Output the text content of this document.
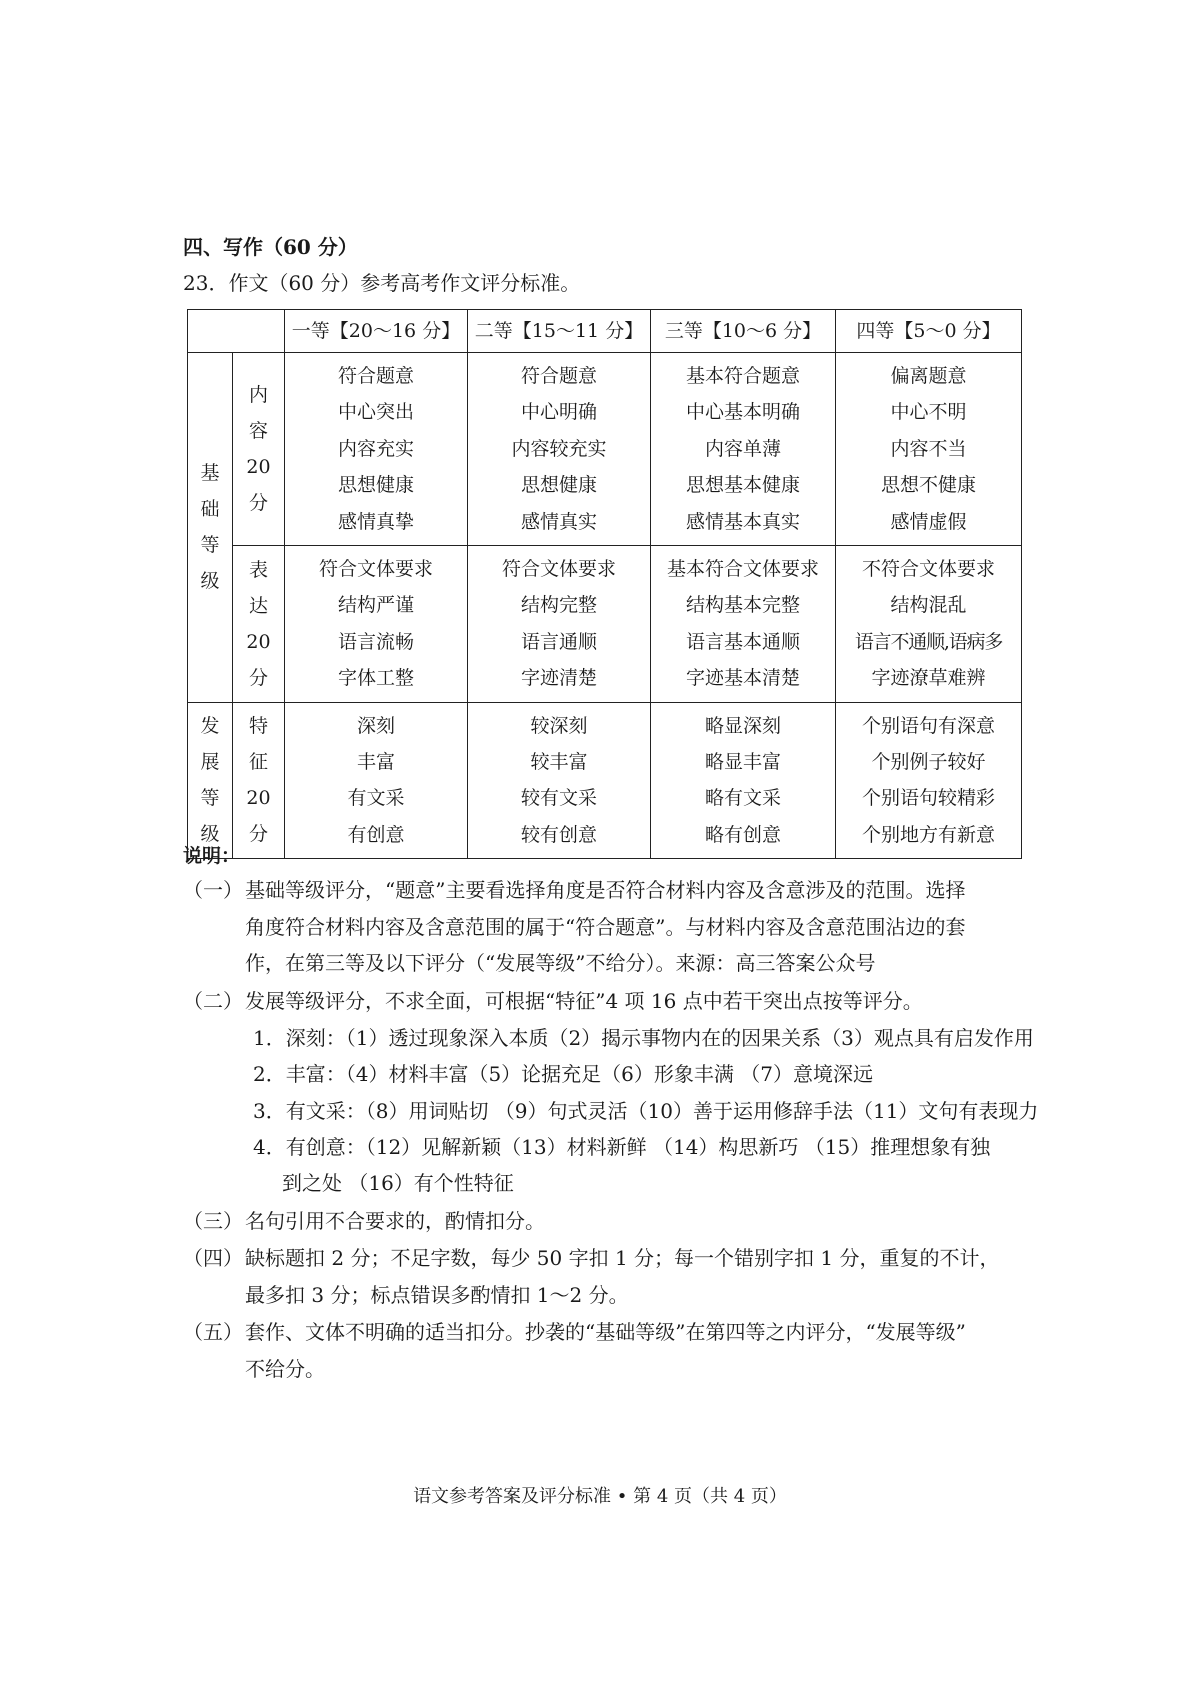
四、写作（60 分）
23．作文（60 分）参考高考作文评分标准。
		一等【20～16 分】	二等【15～11 分】	三等【10～6 分】	四等【5～0 分】

基
础
等
级	内
容
20
分	符合题意
中心突出
内容充实
思想健康
感情真挚	符合题意
中心明确
内容较充实
思想健康
感情真实	基本符合题意
中心基本明确
内容单薄
思想基本健康
感情基本真实	偏离题意
中心不明
内容不当
思想不健康
感情虚假

	表
达
20
分	符合文体要求
结构严谨
语言流畅
字体工整	符合文体要求
结构完整
语言通顺
字迹清楚	基本符合文体要求
结构基本完整
语言基本通顺
字迹基本清楚	不符合文体要求
结构混乱
语言不通顺,语病多
字迹潦草难辨

发
展
等
级	特
征
20
分	深刻
丰富
有文采
有创意	较深刻
较丰富
较有文采
较有创意	略显深刻
略显丰富
略有文采
略有创意	个别语句有深意
个别例子较好
个别语句较精彩
个别地方有新意
说明：
（一） 基础等级评分，“题意”主要看选择角度是否符合材料内容及含意涉及的范围。选择
角度符合材料内容及含意范围的属于“符合题意”。与材料内容及含意范围沾边的套
作，在第三等及以下评分（“发展等级”不给分）。来源：高三答案公众号
（二） 发展等级评分，不求全面，可根据“特征”4 项 16 点中若干突出点按等评分。
1．深刻：（1）透过现象深入本质（2）揭示事物内在的因果关系（3）观点具有启发作用
2．丰富：（4）材料丰富（5）论据充足（6）形象丰满 （7）意境深远
3．有文采：（8）用词贴切 （9）句式灵活（10）善于运用修辞手法（11）文句有表现力
4．有创意：（12）见解新颖（13）材料新鲜 （14）构思新巧 （15）推理想象有独
到之处 （16）有个性特征
（三） 名句引用不合要求的，酌情扣分。
（四） 缺标题扣 2 分；不足字数，每少 50 字扣 1 分；每一个错别字扣 1 分，重复的不计，
最多扣 3 分；标点错误多酌情扣 1～2 分。
（五） 套作、文体不明确的适当扣分。抄袭的“基础等级”在第四等之内评分，“发展等级”
不给分。
语文参考答案及评分标准 • 第 4 页（共 4 页）
